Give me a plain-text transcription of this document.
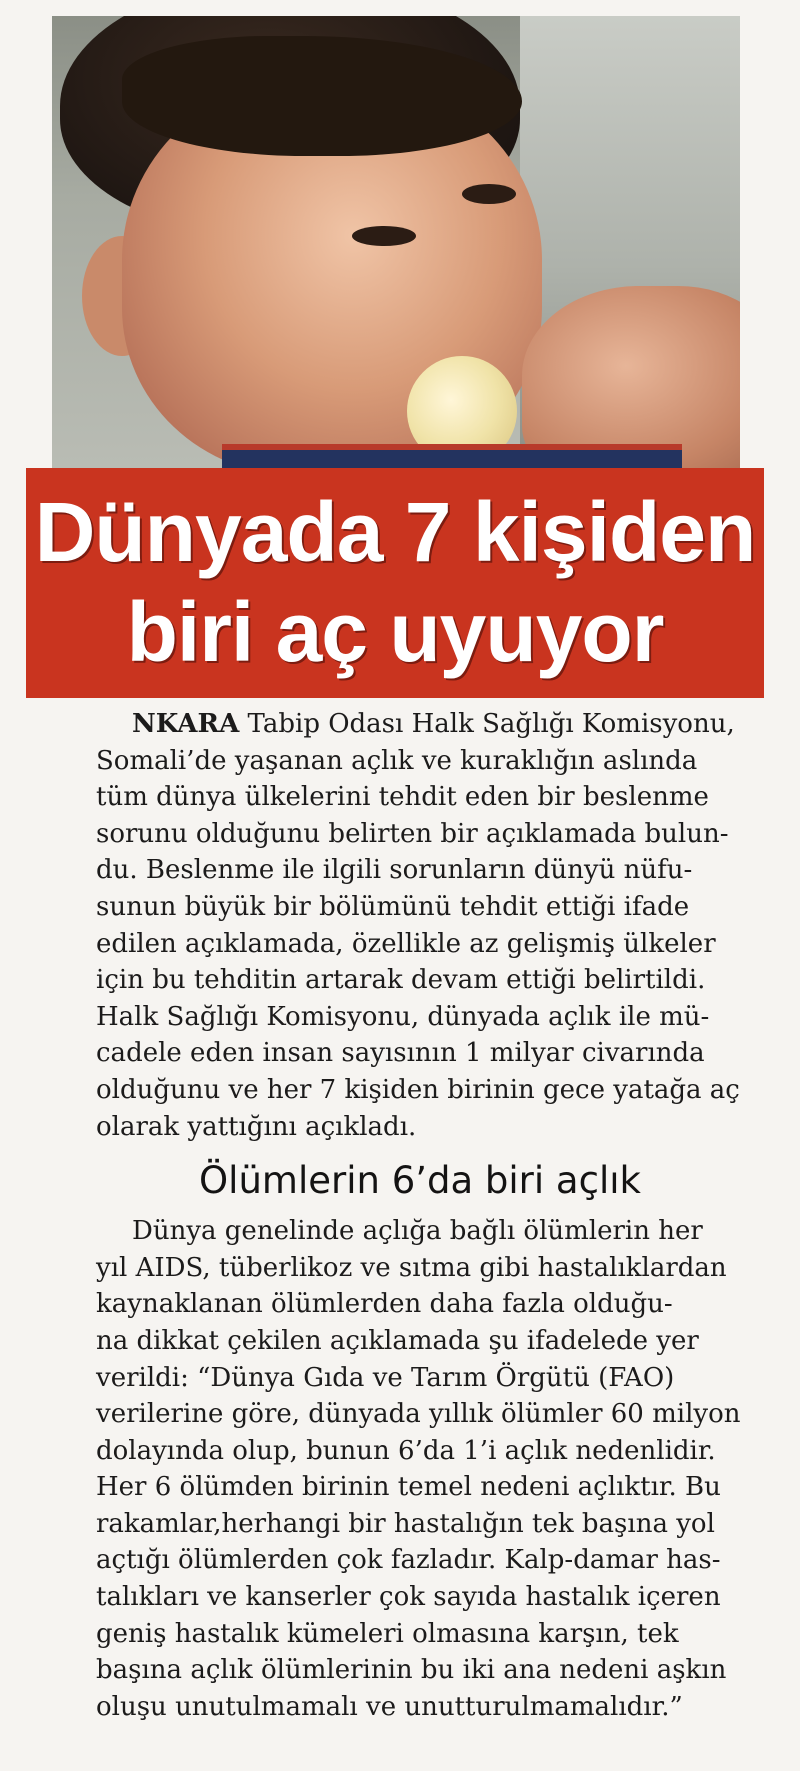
Dünyada 7 kişiden
biri aç uyuyor

NKARA Tabip Odası Halk Sağlığı Komisyonu,
Somali’de yaşanan açlık ve kuraklığın aslında
tüm dünya ülkelerini tehdit eden bir beslenme
sorunu olduğunu belirten bir açıklamada bulun-
du. Beslenme ile ilgili sorunların dünyü nüfu-
sunun büyük bir bölümünü tehdit ettiği ifade
edilen açıklamada, özellikle az gelişmiş ülkeler
için bu tehditin artarak devam ettiği belirtildi.
Halk Sağlığı Komisyonu, dünyada açlık ile mü-
cadele eden insan sayısının 1 milyar civarında
olduğunu ve her 7 kişiden birinin gece yatağa aç
olarak yattığını açıkladı.

Ölümlerin 6’da biri açlık

Dünya genelinde açlığa bağlı ölümlerin her
yıl AIDS, tüberlikoz ve sıtma gibi hastalıklardan
kaynaklanan ölümlerden daha fazla olduğu-
na dikkat çekilen açıklamada şu ifadelede yer
verildi: “Dünya Gıda ve Tarım Örgütü (FAO)
verilerine göre, dünyada yıllık ölümler 60 milyon
dolayında olup, bunun 6’da 1’i açlık nedenlidir.
Her 6 ölümden birinin temel nedeni açlıktır. Bu
rakamlar,herhangi bir hastalığın tek başına yol
açtığı ölümlerden çok fazladır. Kalp-damar has-
talıkları ve kanserler çok sayıda hastalık içeren
geniş hastalık kümeleri olmasına karşın, tek
başına açlık ölümlerinin bu iki ana nedeni aşkın
oluşu unutulmamalı ve unutturulmamalıdır.”
